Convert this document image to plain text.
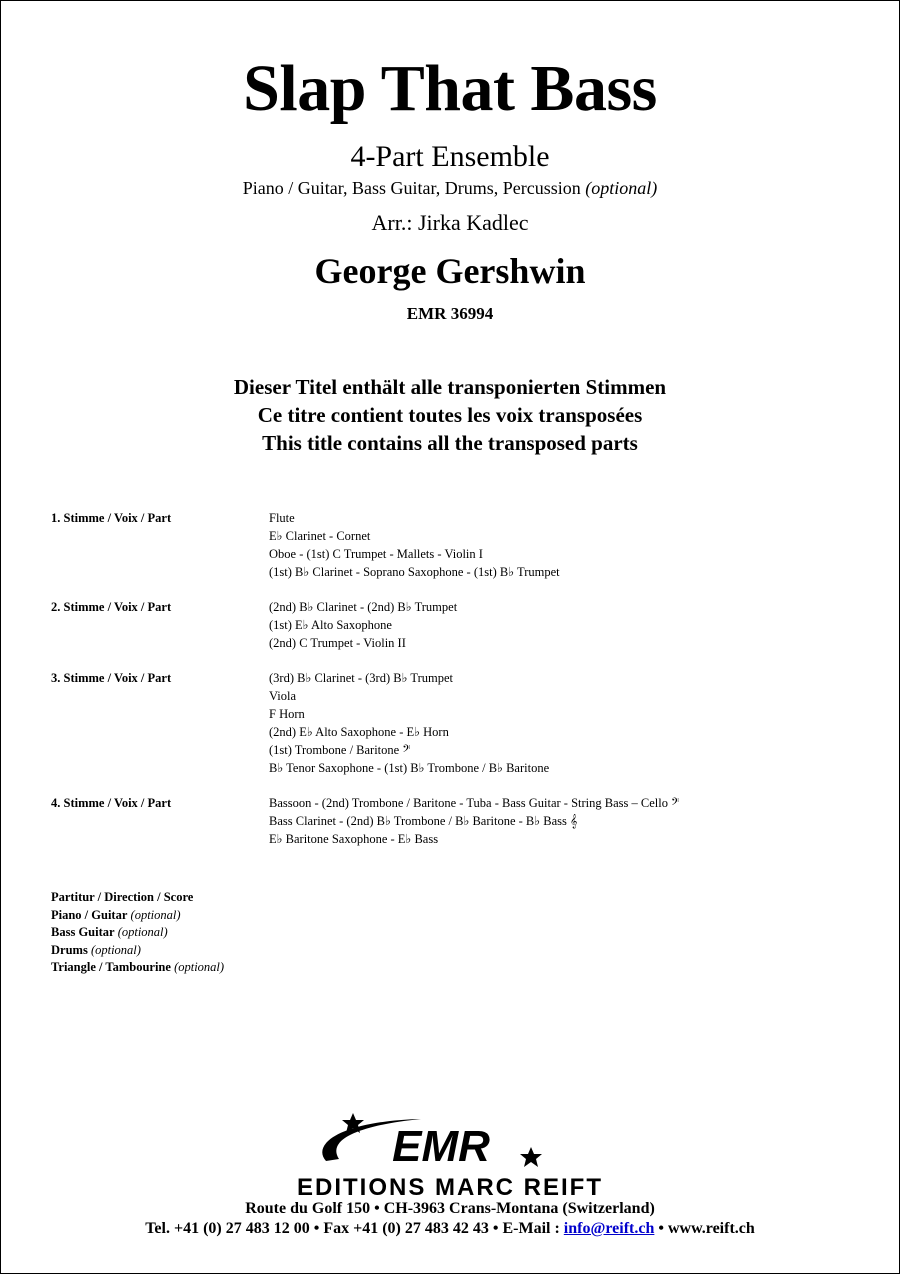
Slap That Bass
4-Part Ensemble
Piano / Guitar, Bass Guitar, Drums, Percussion (optional)
Arr.: Jirka Kadlec
George Gershwin
EMR 36994
Dieser Titel enthält alle transponierten Stimmen
Ce titre contient toutes les voix transposées
This title contains all the transposed parts
1. Stimme / Voix / Part	Flute
E♭ Clarinet - Cornet
Oboe - (1st) C Trumpet - Mallets - Violin I
(1st) B♭ Clarinet - Soprano Saxophone - (1st) B♭ Trumpet
2. Stimme / Voix / Part	(2nd) B♭ Clarinet - (2nd) B♭ Trumpet
(1st) E♭ Alto Saxophone
(2nd) C Trumpet - Violin II
3. Stimme / Voix / Part	(3rd) B♭ Clarinet - (3rd) B♭ Trumpet
Viola
F Horn
(2nd) E♭ Alto Saxophone - E♭ Horn
(1st) Trombone / Baritone 𝄢
B♭ Tenor Saxophone - (1st) B♭ Trombone / B♭ Baritone
4. Stimme / Voix / Part	Bassoon - (2nd) Trombone / Baritone - Tuba - Bass Guitar - String Bass – Cello 𝄢
Bass Clarinet - (2nd) B♭ Trombone / B♭ Baritone - B♭ Bass 𝄞
E♭ Baritone Saxophone - E♭ Bass
Partitur / Direction / Score
Piano / Guitar (optional)
Bass Guitar (optional)
Drums (optional)
Triangle / Tambourine (optional)
EMR
EDITIONS MARC REIFT
Route du Golf 150 • CH-3963 Crans-Montana (Switzerland)
Tel. +41 (0) 27 483 12 00 • Fax +41 (0) 27 483 42 43 • E-Mail : info@reift.ch • www.reift.ch
